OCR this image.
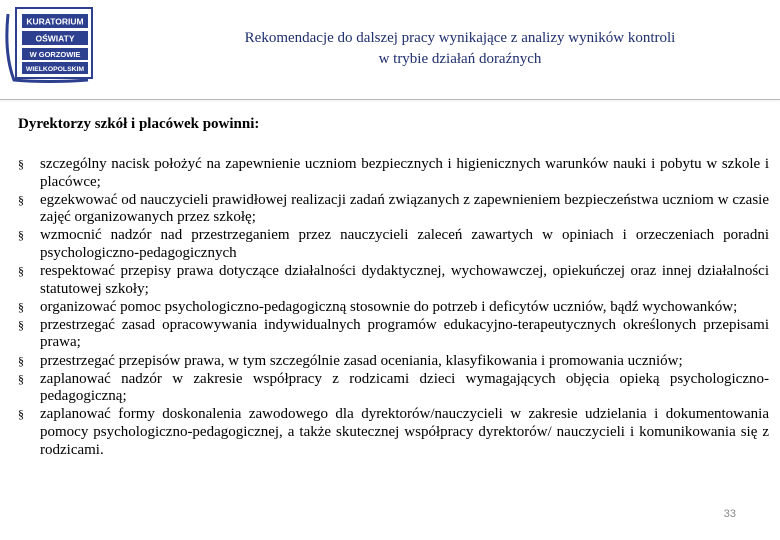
KURATORIUM
OŚWIATY
W GORZOWIE
WIELKOPOLSKIM
Rekomendacje do dalszej pracy wynikające z analizy wyników kontroli
w trybie działań doraźnych
Dyrektorzy szkół i placówek powinni:
§ szczególny nacisk położyć na zapewnienie uczniom bezpiecznych i higienicznych warunków nauki i pobytu w szkole i placówce;
§ egzekwować od nauczycieli prawidłowej realizacji zadań związanych z zapewnieniem bezpieczeństwa uczniom w czasie zajęć organizowanych przez szkołę;
§ wzmocnić nadzór nad przestrzeganiem przez nauczycieli zaleceń zawartych w opiniach i orzeczeniach poradni psychologiczno-pedagogicznych
§ respektować przepisy prawa dotyczące działalności dydaktycznej, wychowawczej, opiekuńczej oraz innej działalności statutowej szkoły;
§ organizować pomoc psychologiczno-pedagogiczną stosownie do potrzeb i deficytów uczniów, bądź wychowanków;
§ przestrzegać zasad opracowywania indywidualnych programów edukacyjno-terapeutycznych określonych przepisami prawa;
§ przestrzegać przepisów prawa, w tym szczególnie zasad oceniania, klasyfikowania i promowania uczniów;
§ zaplanować nadzór w zakresie współpracy z rodzicami dzieci wymagających objęcia opieką psychologiczno-pedagogiczną;
§ zaplanować formy doskonalenia zawodowego dla dyrektorów/nauczycieli w zakresie udzielania i dokumentowania pomocy psychologiczno-pedagogicznej, a także skutecznej współpracy dyrektorów/ nauczycieli i komunikowania się z rodzicami.
33
